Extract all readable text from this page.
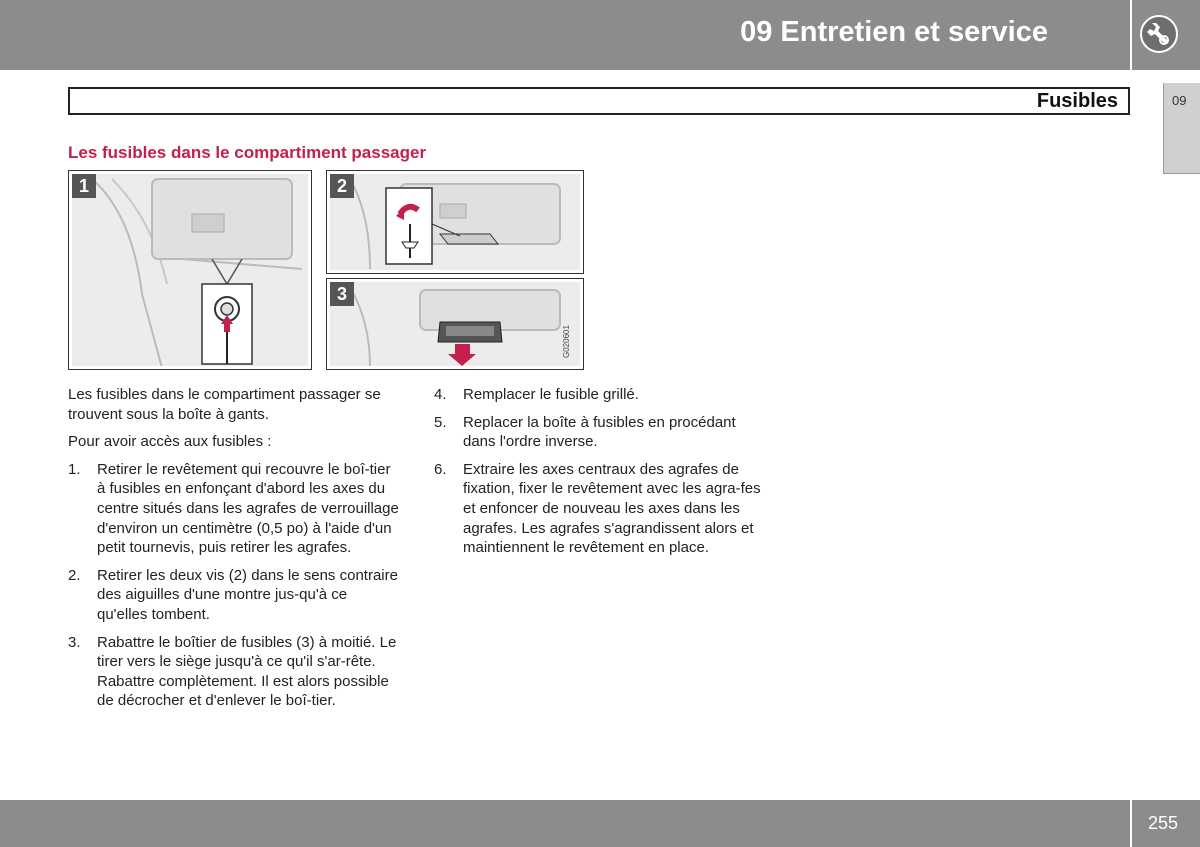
09 Entretien et service
Fusibles	09
Les fusibles dans le compartiment passager
1	2
3
G020601

Les fusibles dans le compartiment passager se trouvent sous la boîte à gants.

Pour avoir accès aux fusibles :

1. Retirer le revêtement qui recouvre le boî-tier à fusibles en enfonçant d'abord les axes du centre situés dans les agrafes de verrouillage d'environ un centimètre (0,5 po) à l'aide d'un petit tournevis, puis retirer les agrafes.
2. Retirer les deux vis (2) dans le sens contraire des aiguilles d'une montre jus-qu'à ce qu'elles tombent.
3. Rabattre le boîtier de fusibles (3) à moitié. Le tirer vers le siège jusqu'à ce qu'il s'ar-rête. Rabattre complètement. Il est alors possible de décrocher et d'enlever le boî-tier.
4. Remplacer le fusible grillé.
5. Replacer la boîte à fusibles en procédant dans l'ordre inverse.
6. Extraire les axes centraux des agrafes de fixation, fixer le revêtement avec les agra-fes et enfoncer de nouveau les axes dans les agrafes. Les agrafes s'agrandissent alors et maintiennent le revêtement en place.
255
